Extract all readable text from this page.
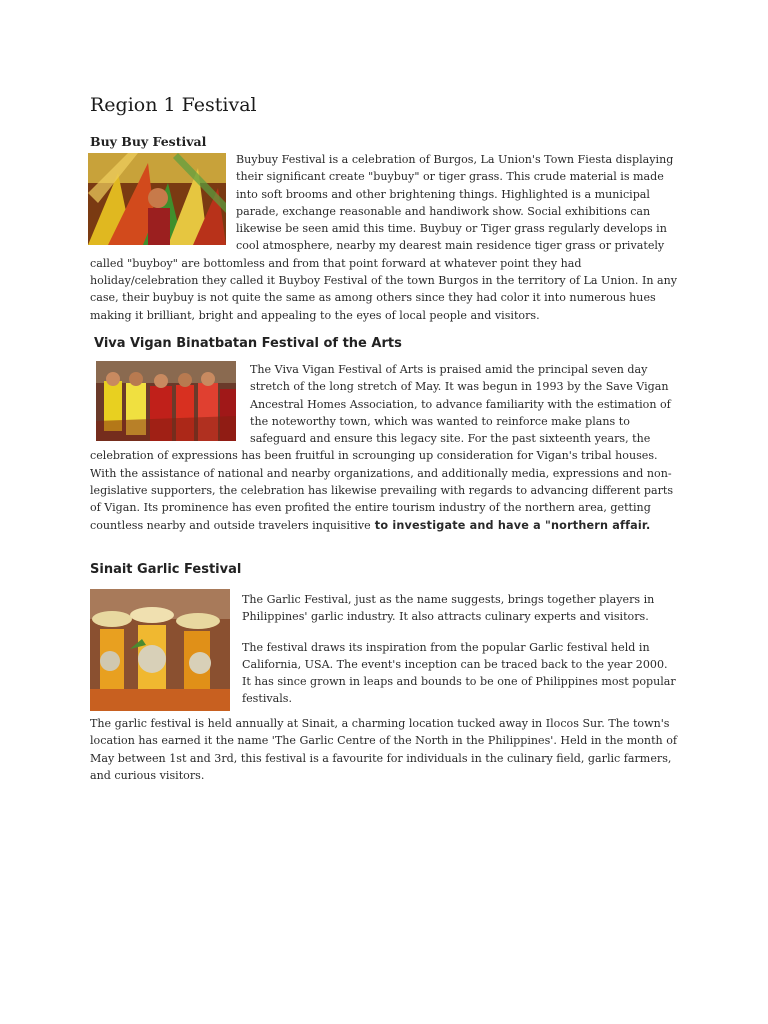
Region 1 Festival
Buy Buy Festival

Buybuy Festival is a celebration of Burgos, La Union's Town Fiesta displaying their significant create "buybuy" or tiger grass. This crude material is made into soft brooms and other brightening things. Highlighted is a municipal parade, exchange reasonable and handiwork show. Social exhibitions can likewise be seen amid this time. Buybuy or Tiger grass regularly develops in cool atmosphere, nearby my dearest main residence tiger grass or privately called "buyboy" are bottomless and from that point forward at whatever point they had holiday/celebration they called it Buyboy Festival of the town Burgos in the territory of La Union. In any case, their buybuy is not quite the same as among others since they had color it into numerous hues making it brilliant, bright and appealing to the eyes of local people and visitors.

Viva Vigan Binatbatan Festival of the Arts

The Viva Vigan Festival of Arts is praised amid the principal seven day stretch of the long stretch of May. It was begun in 1993 by the Save Vigan Ancestral Homes Association, to advance familiarity with the estimation of the noteworthy town, which was wanted to reinforce make plans to safeguard and ensure this legacy site. For the past sixteenth years, the celebration of expressions has been fruitful in scrounging up consideration for Vigan's tribal houses. With the assistance of national and nearby organizations, and additionally media, expressions and non-legislative supporters, the celebration has likewise prevailing with regards to advancing different parts of Vigan. Its prominence has even profited the entire tourism industry of the northern area, getting countless nearby and outside travelers inquisitive to investigate and have a "northern affair.

Sinait Garlic Festival

The Garlic Festival, just as the name suggests, brings together players in Philippines' garlic industry. It also attracts culinary experts and visitors.

The festival draws its inspiration from the popular Garlic festival held in California, USA. The event's inception can be traced back to the year 2000. It has since grown in leaps and bounds to be one of Philippines most popular festivals.

The garlic festival is held annually at Sinait, a charming location tucked away in Ilocos Sur. The town's location has earned it the name 'The Garlic Centre of the North in the Philippines'. Held in the month of May between 1st and 3rd, this festival is a favourite for individuals in the culinary field, garlic farmers, and curious visitors.
